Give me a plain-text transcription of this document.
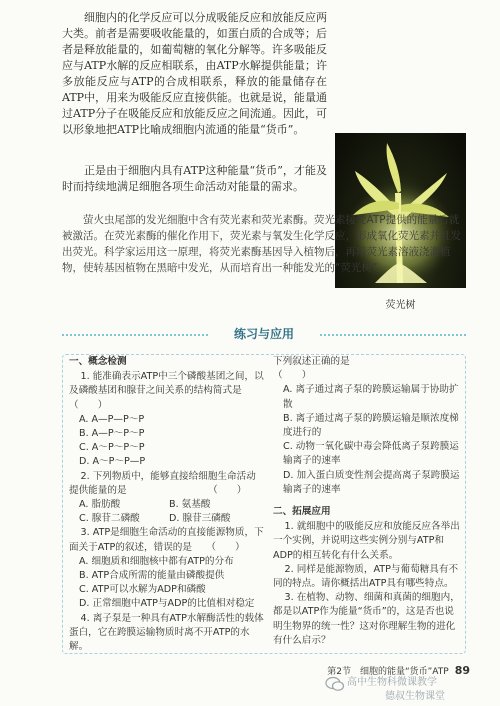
细胞内的化学反应可以分成吸能反应和放能反应两大类。前者是需要吸收能量的，如蛋白质的合成等；后者是释放能量的，如葡萄糖的氧化分解等。许多吸能反应与ATP水解的反应相联系，由ATP水解提供能量；许多放能反应与ATP的合成相联系，释放的能量储存在ATP中，用来为吸能反应直接供能。也就是说，能量通过ATP分子在吸能反应和放能反应之间流通。因此，可以形象地把ATP比喻成细胞内流通的能量“货币”。

正是由于细胞内具有ATP这种能量“货币”，才能及时而持续地满足细胞各项生命活动对能量的需求。

荧光树

萤火虫尾部的发光细胞中含有荧光素和荧光素酶。荧光素接受ATP提供的能量后就被激活。在荧光素酶的催化作用下，荧光素与氧发生化学反应，形成氧化荧光素并且发出荧光。科学家运用这一原理，将荧光素酶基因导入植物后，再用荧光素溶液浇灌植物，使转基因植物在黑暗中发光，从而培育出一种能发光的“荧光树”。

练习与应用
一、概念检测
1. 能准确表示ATP中三个磷酸基团之间，以及磷酸基团和腺苷之间关系的结构简式是（　　）
A. A—P—P～P
B. A—P～P～P
C. A～P～P～P
D. A～P～P—P
2. 下列物质中，能够直接给细胞生命活动提供能量的是　　　　　　　　　（　　）
A. 脂肪酸	B. 氨基酸
C. 腺苷二磷酸	D. 腺苷三磷酸
3. ATP是细胞生命活动的直接能源物质，下面关于ATP的叙述，错误的是　　（　　）
A. 细胞质和细胞核中都有ATP的分布
B. ATP合成所需的能量由磷酸提供
C. ATP可以水解为ADP和磷酸
D. 正常细胞中ATP与ADP的比值相对稳定
4. 离子泵是一种具有ATP水解酶活性的载体蛋白，它在跨膜运输物质时离不开ATP的水解。
下列叙述正确的是　　　　　　　　　（　　）
A. 离子通过离子泵的跨膜运输属于协助扩散
B. 离子通过离子泵的跨膜运输是顺浓度梯度进行的
C. 动物一氧化碳中毒会降低离子泵跨膜运输离子的速率
D. 加入蛋白质变性剂会提高离子泵跨膜运输离子的速率
二、拓展应用
1. 就细胞中的吸能反应和放能反应各举出一个实例，并说明这些实例分别与ATP和ADP的相互转化有什么关系。
2. 同样是能源物质，ATP与葡萄糖具有不同的特点。请你概括出ATP具有哪些特点。
3. 在植物、动物、细菌和真菌的细胞内，都是以ATP作为能量“货币”的，这是否也说明生物界的统一性？这对你理解生物的进化有什么启示？
第2节　细胞的能量“货币”ATP 89
高中生物科微课教学
德叔生物课堂
